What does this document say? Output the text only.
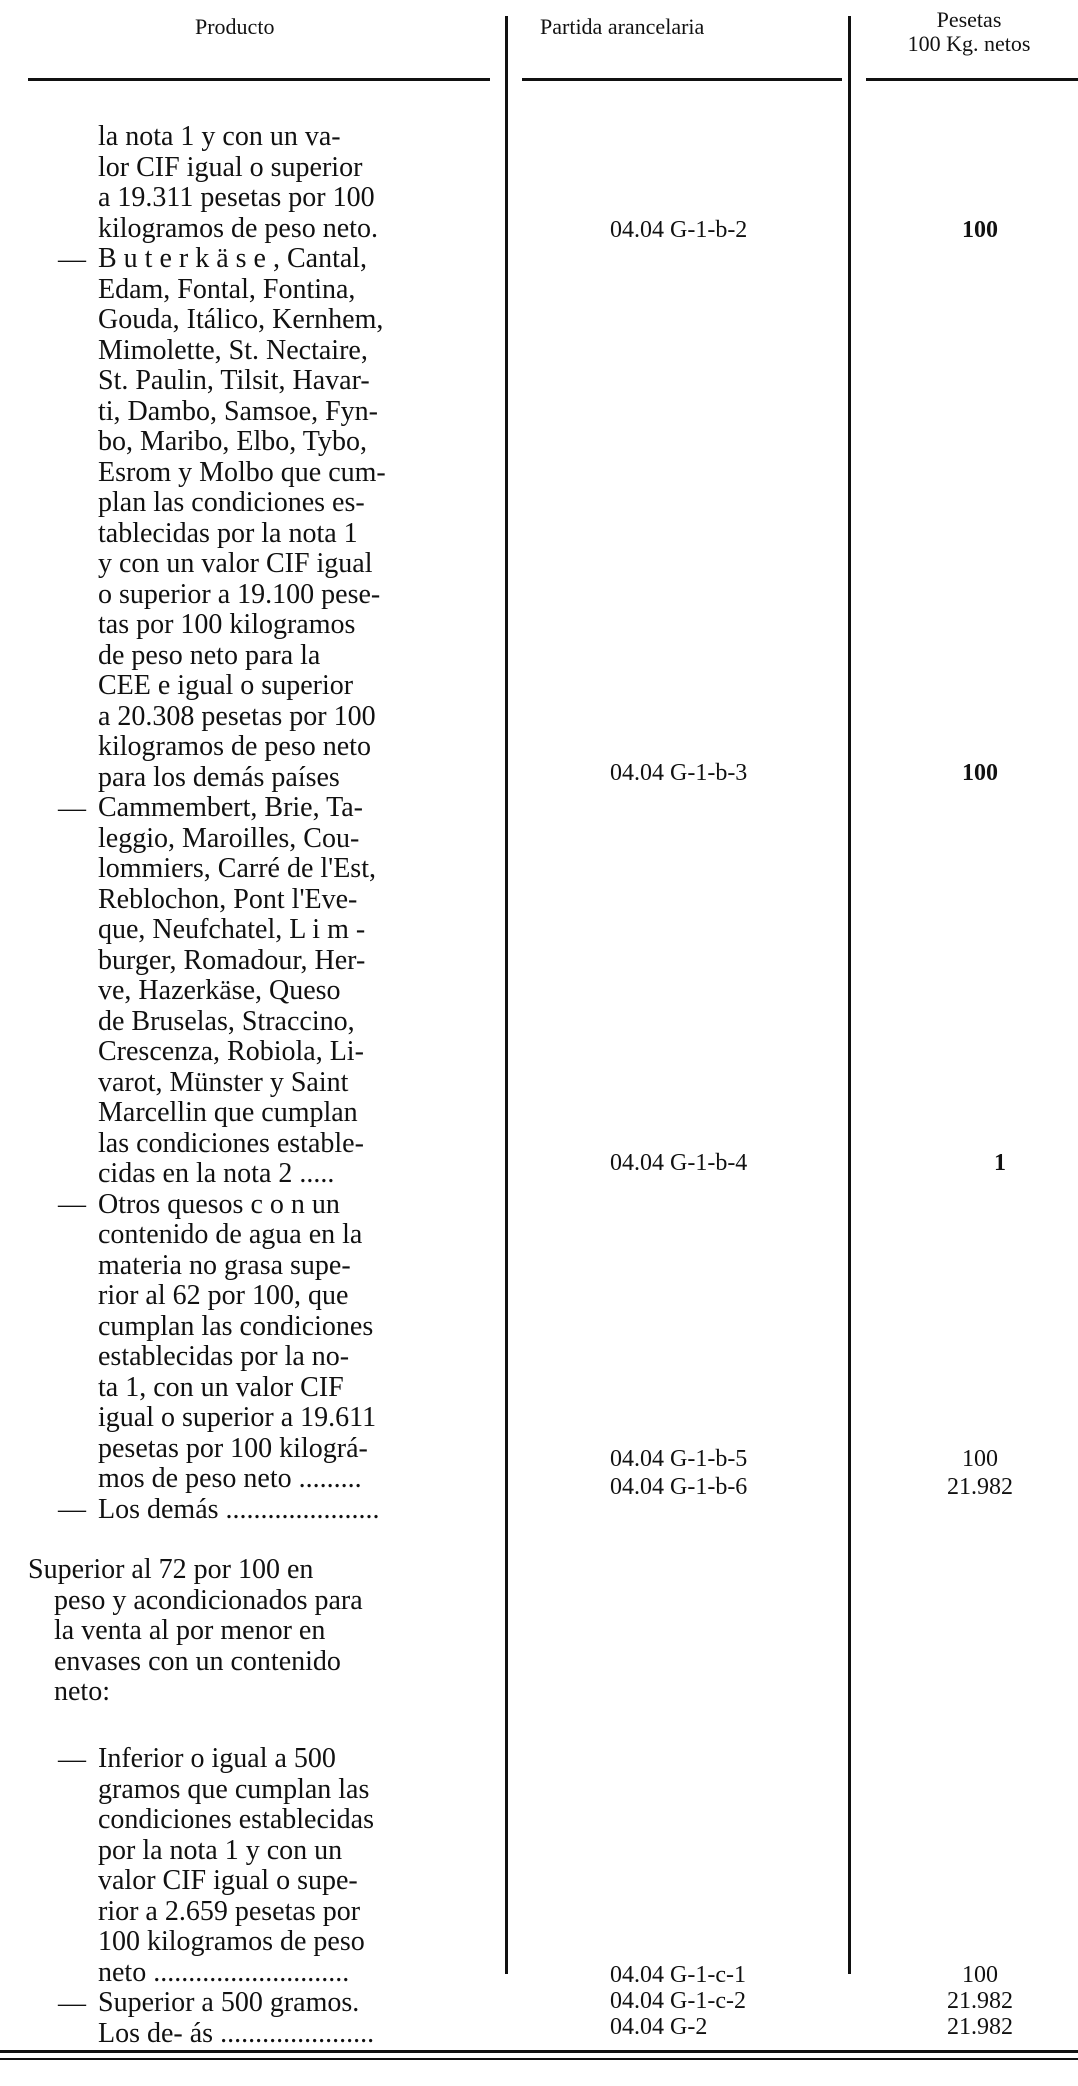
Producto	Partida arancelaria	Pesetas
100 Kg. netos
la nota 1 y con un va-
lor CIF igual o superior
a 19.311 pesetas por 100
kilogramos de peso neto.
B u t e r k ä s e , Cantal,
Edam, Fontal, Fontina,
Gouda, Itálico, Kernhem,
Mimolette, St. Nectaire,
St. Paulin, Tilsit, Havar-
ti, Dambo, Samsoe, Fyn-
bo, Maribo, Elbo, Tybo,
Esrom y Molbo que cum-
plan las condiciones es-
tablecidas por la nota 1
y con un valor CIF igual
o superior a 19.100 pese-
tas por 100 kilogramos
de peso neto para la
CEE e igual o superior
a 20.308 pesetas por 100
kilogramos de peso neto
para los demás países
Cammembert, Brie, Ta-
leggio, Maroilles, Cou-
lommiers, Carré de l'Est,
Reblochon, Pont l'Eve-
que, Neufchatel, L i m -
burger, Romadour, Her-
ve, Hazerkäse, Queso
de Bruselas, Straccino,
Crescenza, Robiola, Li-
varot, Münster y Saint
Marcellin que cumplan
las condiciones estable-
cidas en la nota 2 .....
Otros quesos c o n un
contenido de agua en la
materia no grasa supe-
rior al 62 por 100, que
cumplan las condiciones
establecidas por la no-
ta 1, con un valor CIF
igual o superior a 19.611
pesetas por 100 kilográ-
mos de peso neto .........
Los demás ......................
—
—
—
—
Superior al 72 por 100 en
peso y acondicionados para
la venta al por menor en
envases con un contenido
neto:
Inferior o igual a 500
gramos que cumplan las
condiciones establecidas
por la nota 1 y con un
valor CIF igual o supe-
rior a 2.659 pesetas por
100 kilogramos de peso
neto ............................
Superior a 500 gramos.
Los de- ás ......................
—
—
04.04 G-1-b-2
04.04 G-1-b-3
04.04 G-1-b-4
04.04 G-1-b-5
04.04 G-1-b-6
04.04 G-1-c-1
04.04 G-1-c-2
04.04 G-2
100
100
1
100
21.982
100
21.982
21.982
